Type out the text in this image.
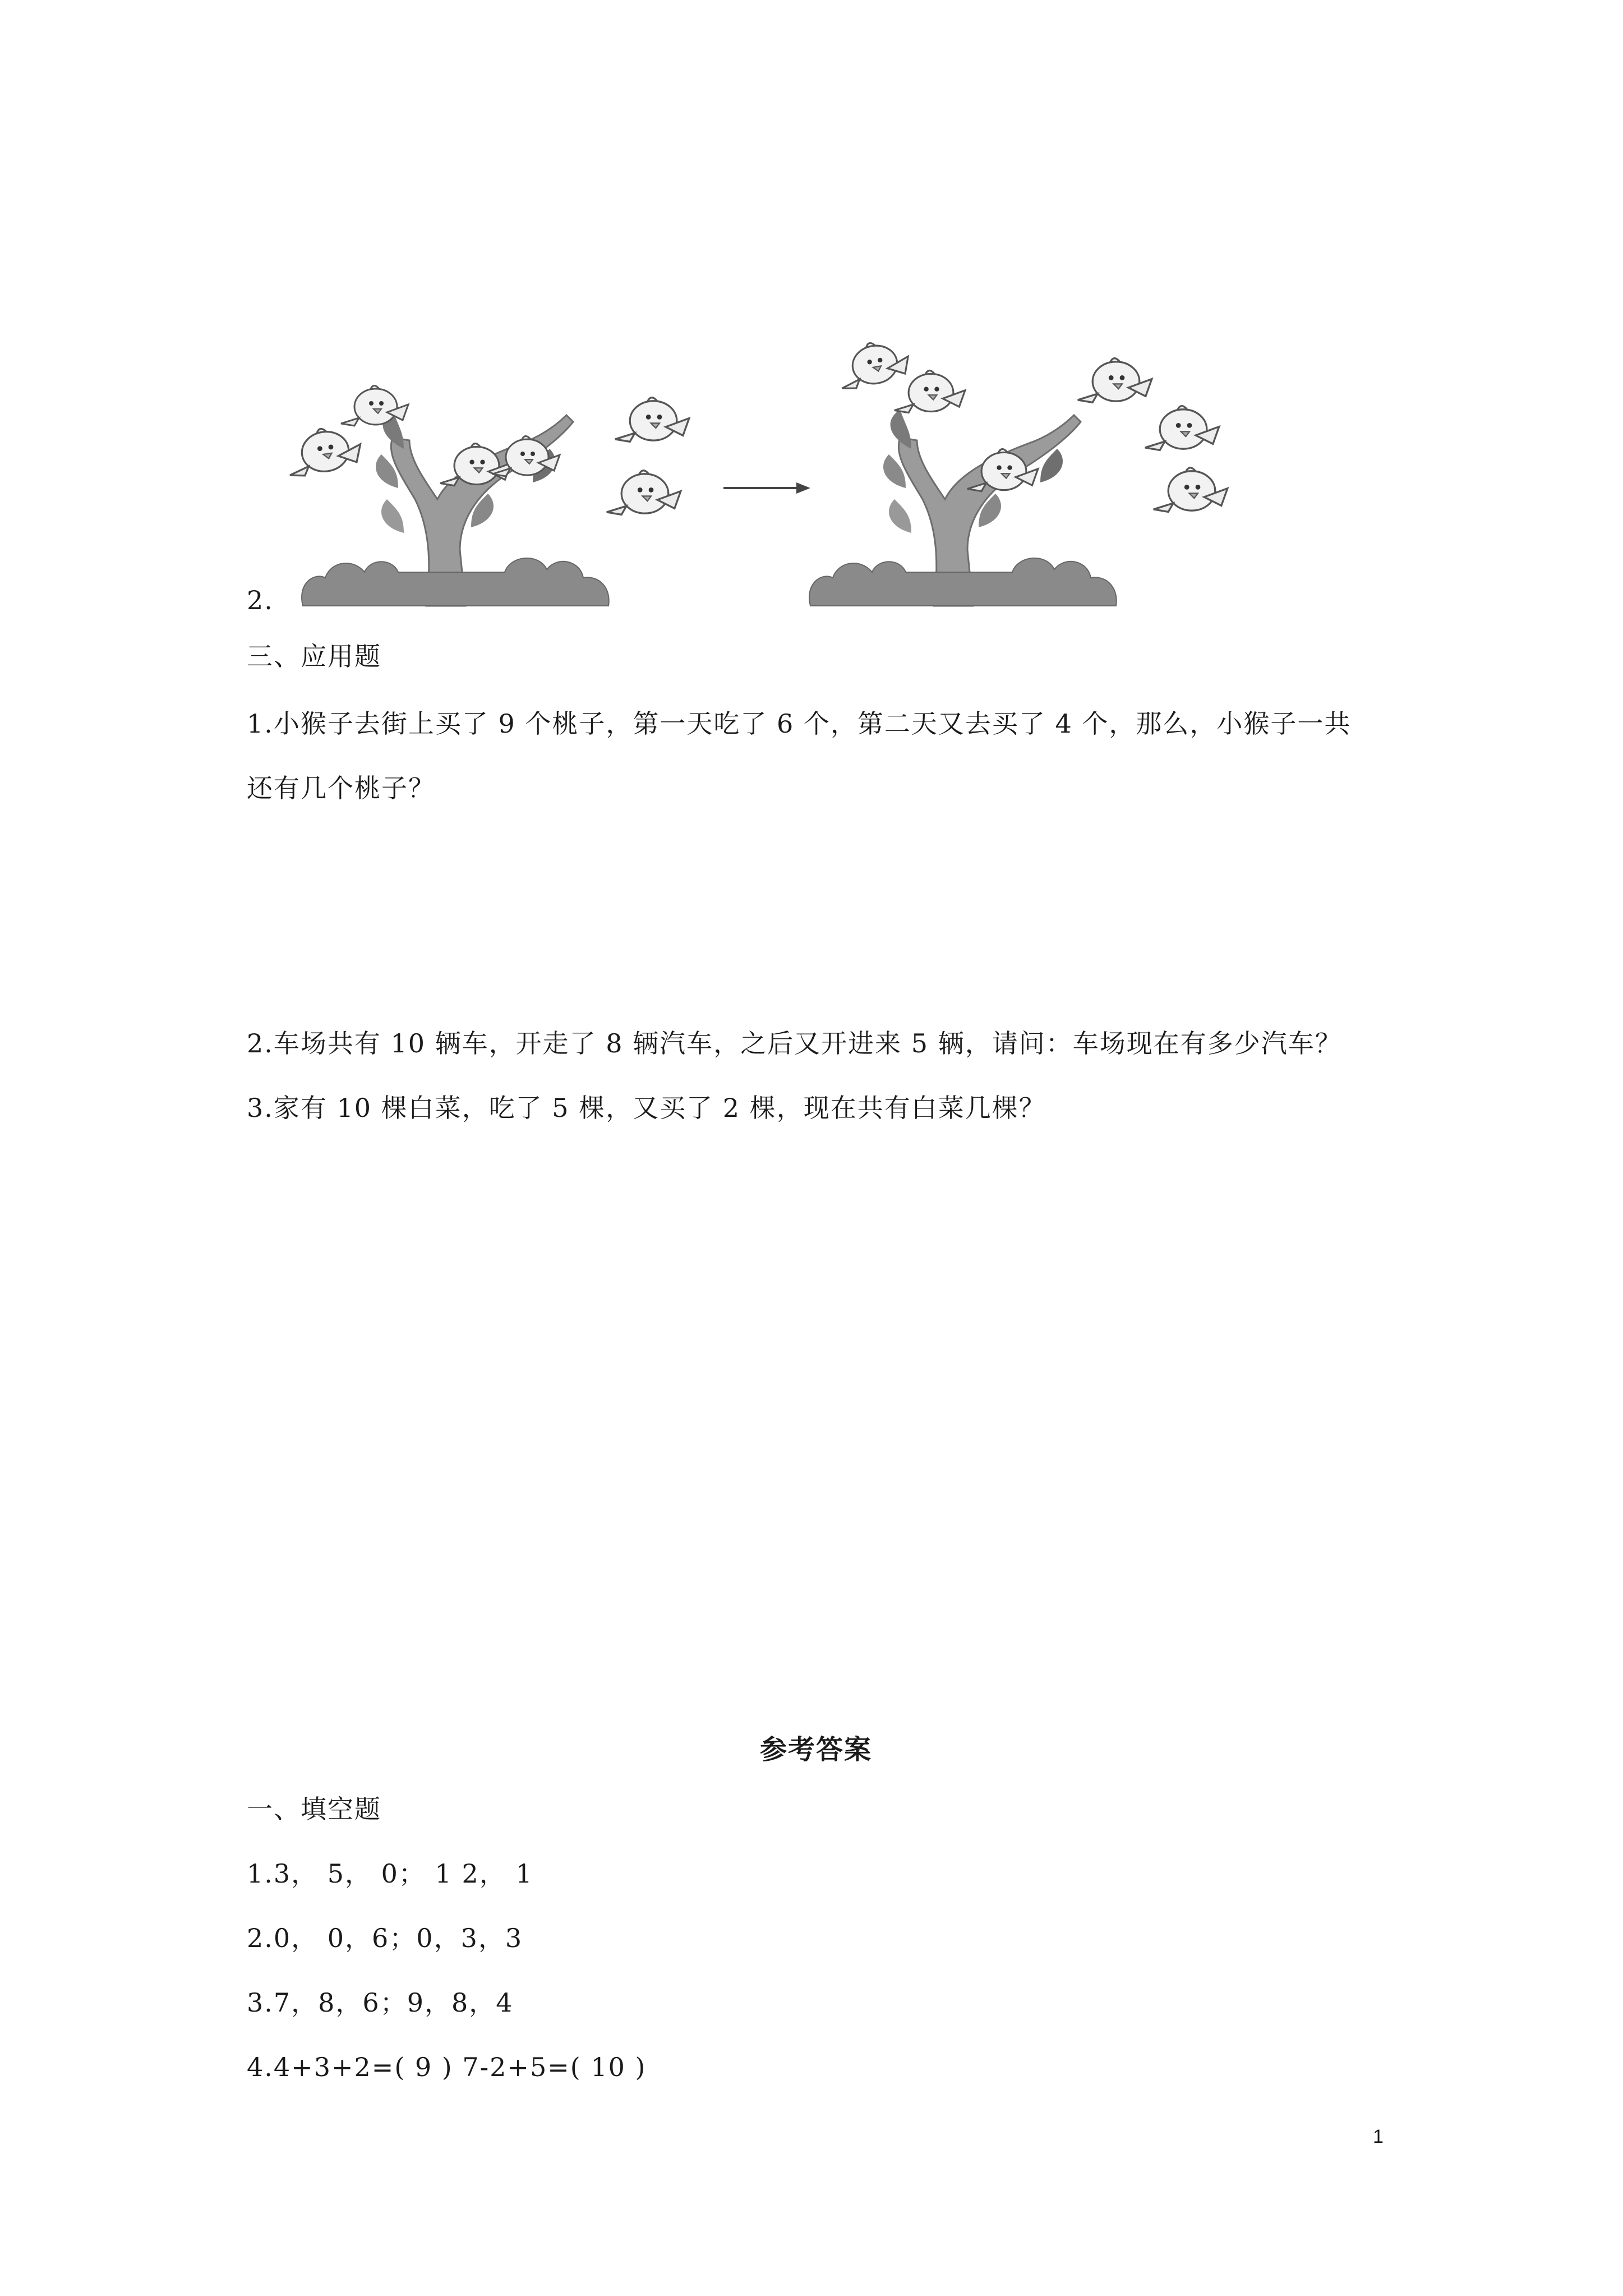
2.
三、应用题
1.小猴子去街上买了 9 个桃子，第一天吃了 6 个，第二天又去买了 4 个，那么，小猴子一共
还有几个桃子？
2.车场共有 10 辆车，开走了 8 辆汽车，之后又开进来 5 辆，请问：车场现在有多少汽车？
3.家有 10 棵白菜，吃了 5 棵，又买了 2 棵，现在共有白菜几棵？
参考答案
一、填空题
1.3， 5， 0； 1 2， 1
2.0， 0，6；0，3，3
3.7，8，6；9，8，4
4.4+3+2=( 9 ) 7-2+5=( 10 )
1
